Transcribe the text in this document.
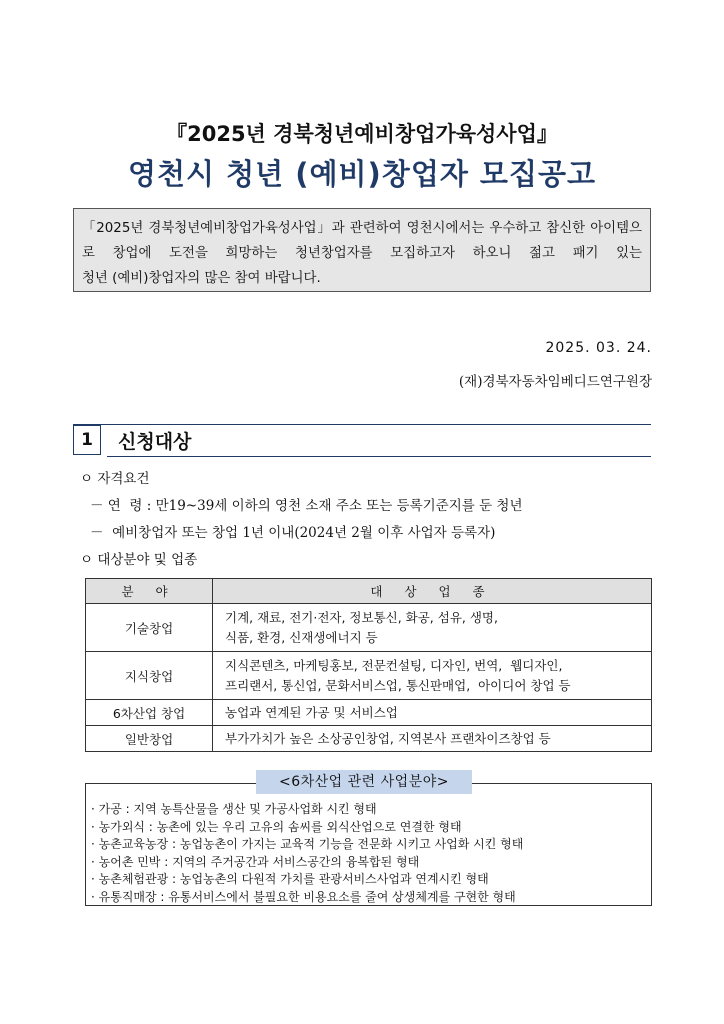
『2025년 경북청년예비창업가육성사업』
영천시 청년 (예비)창업자 모집공고
「2025년 경북청년예비창업가육성사업」과 관련하여 영천시에서는 우수하고 참신한 아이템으로 창업에 도전을 희망하는 청년창업자를 모집하고자 하오니 젊고 패기 있는
청년 (예비)창업자의 많은 참여 바랍니다.
2025. 03. 24.
(재)경북자동차임베디드연구원장
1	신청대상
ㅇ 자격요건
－ 연  령 : 만19~39세 이하의 영천 소재 주소 또는 등록기준지를 둔 청년
－  예비창업자 또는 창업 1년 이내(2024년 2월 이후 사업자 등록자)
ㅇ 대상분야 및 업종
분 야	대 상 업 종
기술창업	기계, 재료, 전기·전자, 정보통신, 화공, 섬유, 생명,
식품, 환경, 신재생에너지 등

지식창업	지식콘텐츠, 마케팅홍보, 전문컨설팅, 디자인, 번역,  웹디자인,
프리랜서, 통신업, 문화서비스업, 통신판매업,  아이디어 창업 등

6차산업 창업	농업과 연계된 가공 및 서비스업

일반창업	부가가치가 높은 소상공인창업, 지역본사 프랜차이즈창업 등
· 가공 : 지역 농특산물을 생산 및 가공사업화 시킨 형태
· 농가외식 : 농촌에 있는 우리 고유의 솜씨를 외식산업으로 연결한 형태
· 농촌교육농장 : 농업농촌이 가지는 교육적 기능을 전문화 시키고 사업화 시킨 형태
· 농어촌 민박 : 지역의 주거공간과 서비스공간의 융복합된 형태
· 농촌체험관광 : 농업농촌의 다원적 가치를 관광서비스사업과 연계시킨 형태
· 유통직매장 : 유통서비스에서 불필요한 비용요소를 줄여 상생체계를 구현한 형태
<6차산업 관련 사업분야>
